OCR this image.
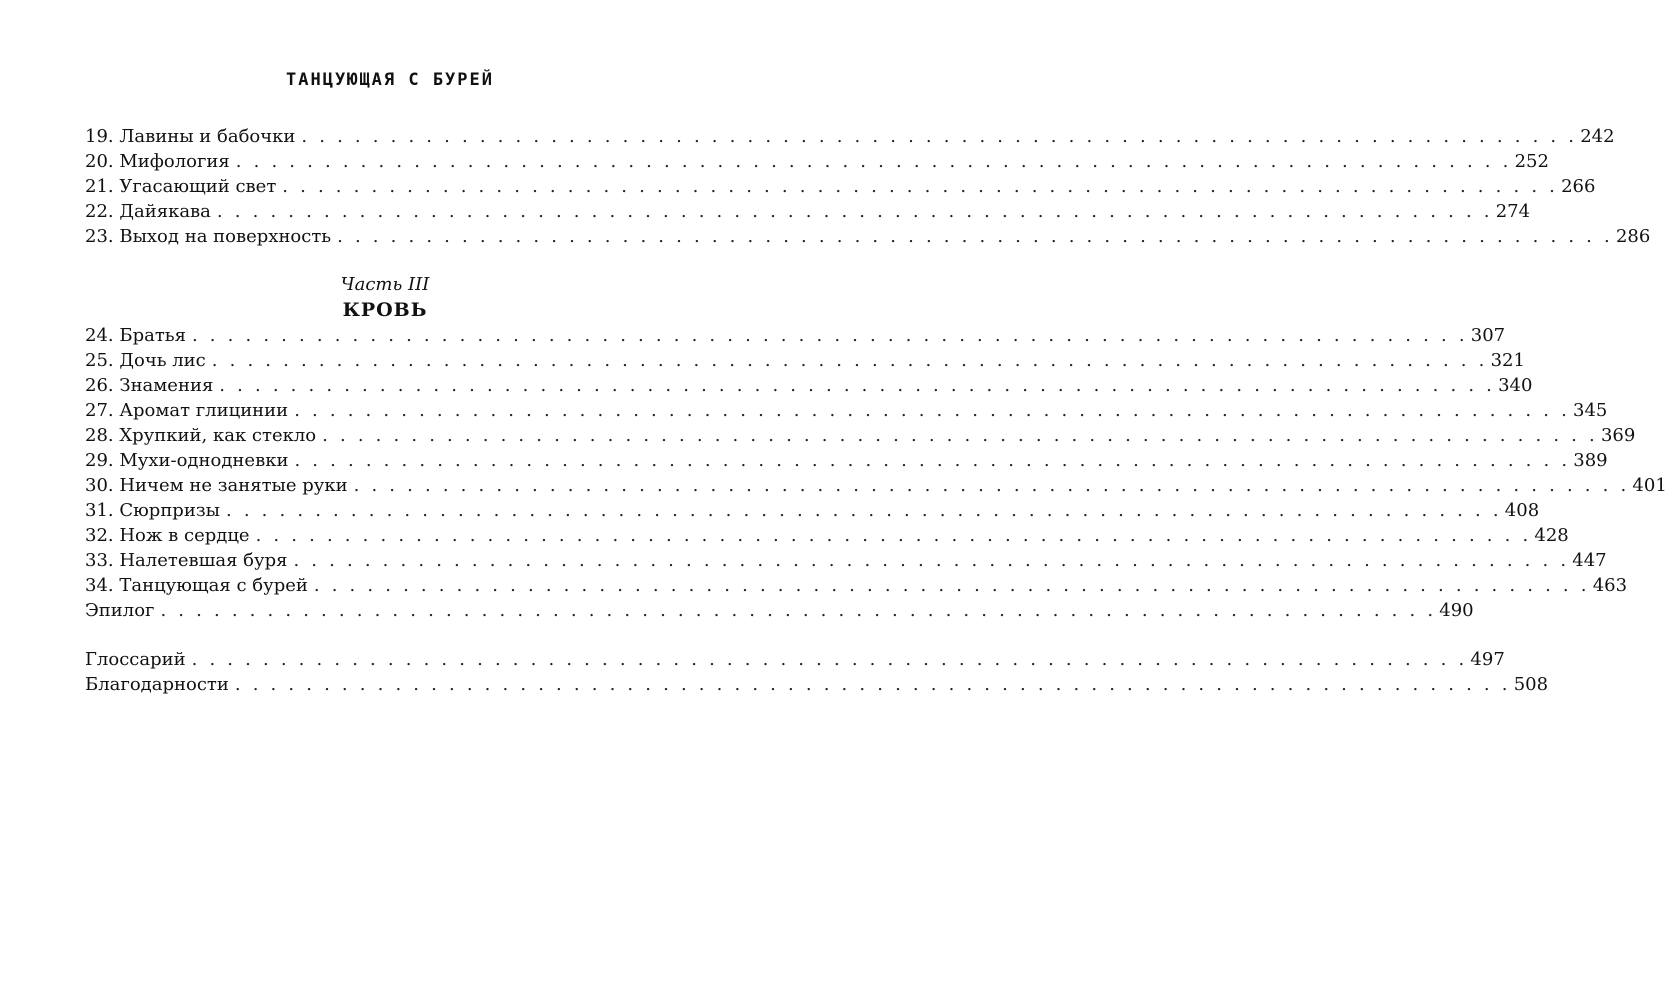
ТАНЦУЮЩАЯ С БУРЕЙ
19. Лавины и бабочки . . . . . . . . . . . . . . . . . . . . . . . . . . . . . . . . . . . . . . . . . . . . . . . . . . . . . . . . . . . . . . . . . . . . . . . . 242
20. Мифология . . . . . . . . . . . . . . . . . . . . . . . . . . . . . . . . . . . . . . . . . . . . . . . . . . . . . . . . . . . . . . . . . . . . . . . . 252
21. Угасающий свет . . . . . . . . . . . . . . . . . . . . . . . . . . . . . . . . . . . . . . . . . . . . . . . . . . . . . . . . . . . . . . . . . . . . . . . . 266
22. Дайякава . . . . . . . . . . . . . . . . . . . . . . . . . . . . . . . . . . . . . . . . . . . . . . . . . . . . . . . . . . . . . . . . . . . . . . . . 274
23. Выход на поверхность . . . . . . . . . . . . . . . . . . . . . . . . . . . . . . . . . . . . . . . . . . . . . . . . . . . . . . . . . . . . . . . . . . . . . . . . 286
Часть III
КРОВЬ
24. Братья . . . . . . . . . . . . . . . . . . . . . . . . . . . . . . . . . . . . . . . . . . . . . . . . . . . . . . . . . . . . . . . . . . . . . . . . 307
25. Дочь лис . . . . . . . . . . . . . . . . . . . . . . . . . . . . . . . . . . . . . . . . . . . . . . . . . . . . . . . . . . . . . . . . . . . . . . . . 321
26. Знамения . . . . . . . . . . . . . . . . . . . . . . . . . . . . . . . . . . . . . . . . . . . . . . . . . . . . . . . . . . . . . . . . . . . . . . . . 340
27. Аромат глицинии . . . . . . . . . . . . . . . . . . . . . . . . . . . . . . . . . . . . . . . . . . . . . . . . . . . . . . . . . . . . . . . . . . . . . . . . 345
28. Хрупкий, как стекло . . . . . . . . . . . . . . . . . . . . . . . . . . . . . . . . . . . . . . . . . . . . . . . . . . . . . . . . . . . . . . . . . . . . . . . . 369
29. Мухи-однодневки . . . . . . . . . . . . . . . . . . . . . . . . . . . . . . . . . . . . . . . . . . . . . . . . . . . . . . . . . . . . . . . . . . . . . . . . 389
30. Ничем не занятые руки . . . . . . . . . . . . . . . . . . . . . . . . . . . . . . . . . . . . . . . . . . . . . . . . . . . . . . . . . . . . . . . . . . . . . . . . 401
31. Сюрпризы . . . . . . . . . . . . . . . . . . . . . . . . . . . . . . . . . . . . . . . . . . . . . . . . . . . . . . . . . . . . . . . . . . . . . . . . 408
32. Нож в сердце . . . . . . . . . . . . . . . . . . . . . . . . . . . . . . . . . . . . . . . . . . . . . . . . . . . . . . . . . . . . . . . . . . . . . . . . 428
33. Налетевшая буря . . . . . . . . . . . . . . . . . . . . . . . . . . . . . . . . . . . . . . . . . . . . . . . . . . . . . . . . . . . . . . . . . . . . . . . . 447
34. Танцующая с бурей . . . . . . . . . . . . . . . . . . . . . . . . . . . . . . . . . . . . . . . . . . . . . . . . . . . . . . . . . . . . . . . . . . . . . . . . 463
Эпилог . . . . . . . . . . . . . . . . . . . . . . . . . . . . . . . . . . . . . . . . . . . . . . . . . . . . . . . . . . . . . . . . . . . . . . . . 490
Глоссарий . . . . . . . . . . . . . . . . . . . . . . . . . . . . . . . . . . . . . . . . . . . . . . . . . . . . . . . . . . . . . . . . . . . . . . . . 497
Благодарности . . . . . . . . . . . . . . . . . . . . . . . . . . . . . . . . . . . . . . . . . . . . . . . . . . . . . . . . . . . . . . . . . . . . . . . . 508
